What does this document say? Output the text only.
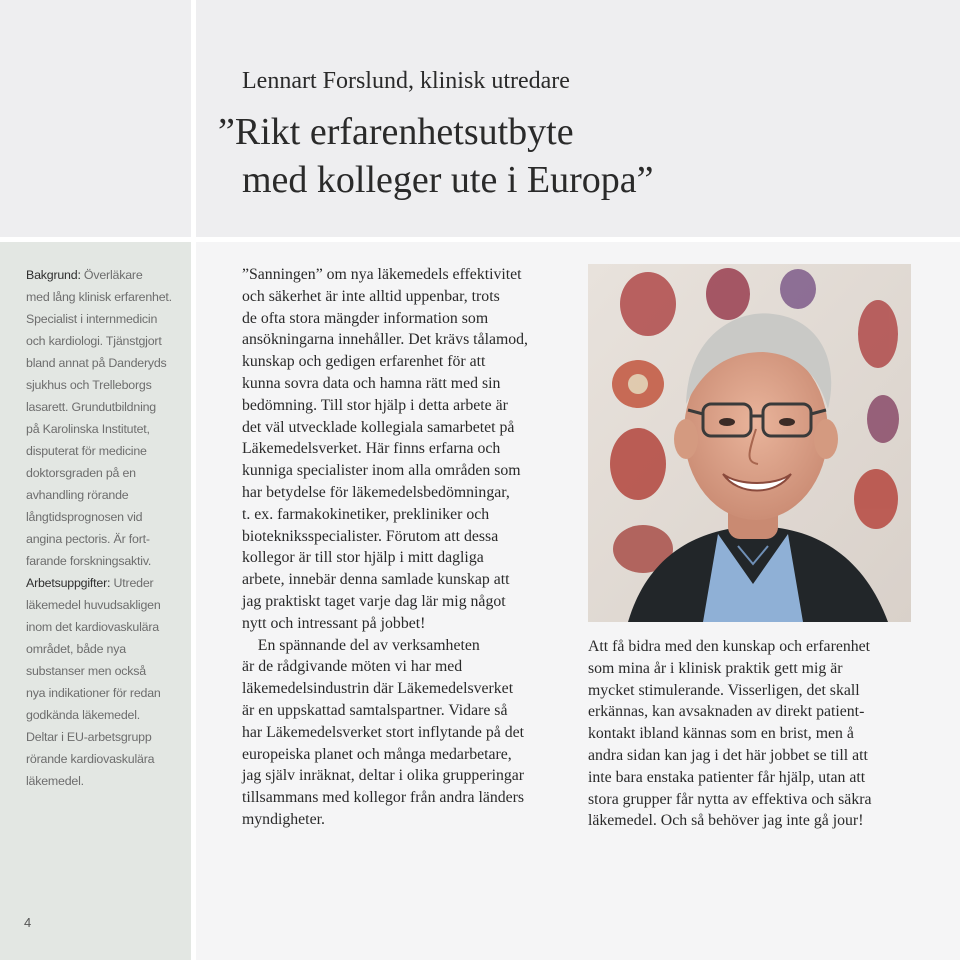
Lennart Forslund, klinisk utredare
”Rikt erfarenhetsutbyte
med kolleger ute i Europa”
Bakgrund: Överläkare
med lång klinisk erfarenhet.
Specialist i internmedicin
och kardiologi. Tjänstgjort
bland annat på Danderyds
sjukhus och Trelleborgs
lasarett. Grundutbildning
på Karolinska Institutet,
disputerat för medicine
doktorsgraden på en
avhandling rörande
långtidsprognosen vid
angina pectoris. Är fort-
farande forskningsaktiv.
Arbetsuppgifter: Utreder
läkemedel huvudsakligen
inom det kardiovaskulära
området, både nya
substanser men också
nya indikationer för redan
godkända läkemedel.
Deltar i EU-arbetsgrupp
rörande kardiovaskulära
läkemedel.
”Sanningen” om nya läkemedels effektivitet
och säkerhet är inte alltid uppenbar, trots
de ofta stora mängder information som
ansökningarna innehåller. Det krävs tålamod,
kunskap och gedigen erfarenhet för att
kunna sovra data och hamna rätt med sin
bedömning. Till stor hjälp i detta arbete är
det väl utvecklade kollegiala samarbetet på
Läkemedelsverket. Här finns erfarna och
kunniga specialister inom alla områden som
har betydelse för läkemedelsbedömningar,
t. ex. farmakokinetiker, prekliniker och
biotekniksspecialister. Förutom att dessa
kollegor är till stor hjälp i mitt dagliga
arbete, innebär denna samlade kunskap att
jag praktiskt taget varje dag lär mig något
nytt och intressant på jobbet!
En spännande del av verksamheten
är de rådgivande möten vi har med
läkemedelsindustrin där Läkemedelsverket
är en uppskattad samtalspartner. Vidare så
har Läkemedelsverket stort inflytande på det
europeiska planet och många medarbetare,
jag själv inräknat, deltar i olika grupperingar
tillsammans med kollegor från andra länders
myndigheter.
Att få bidra med den kunskap och erfarenhet
som mina år i klinisk praktik gett mig är
mycket stimulerande. Visserligen, det skall
erkännas, kan avsaknaden av direkt patient-
kontakt ibland kännas som en brist, men å
andra sidan kan jag i det här jobbet se till att
inte bara enstaka patienter får hjälp, utan att
stora grupper får nytta av effektiva och säkra
läkemedel. Och så behöver jag inte gå jour!
4
